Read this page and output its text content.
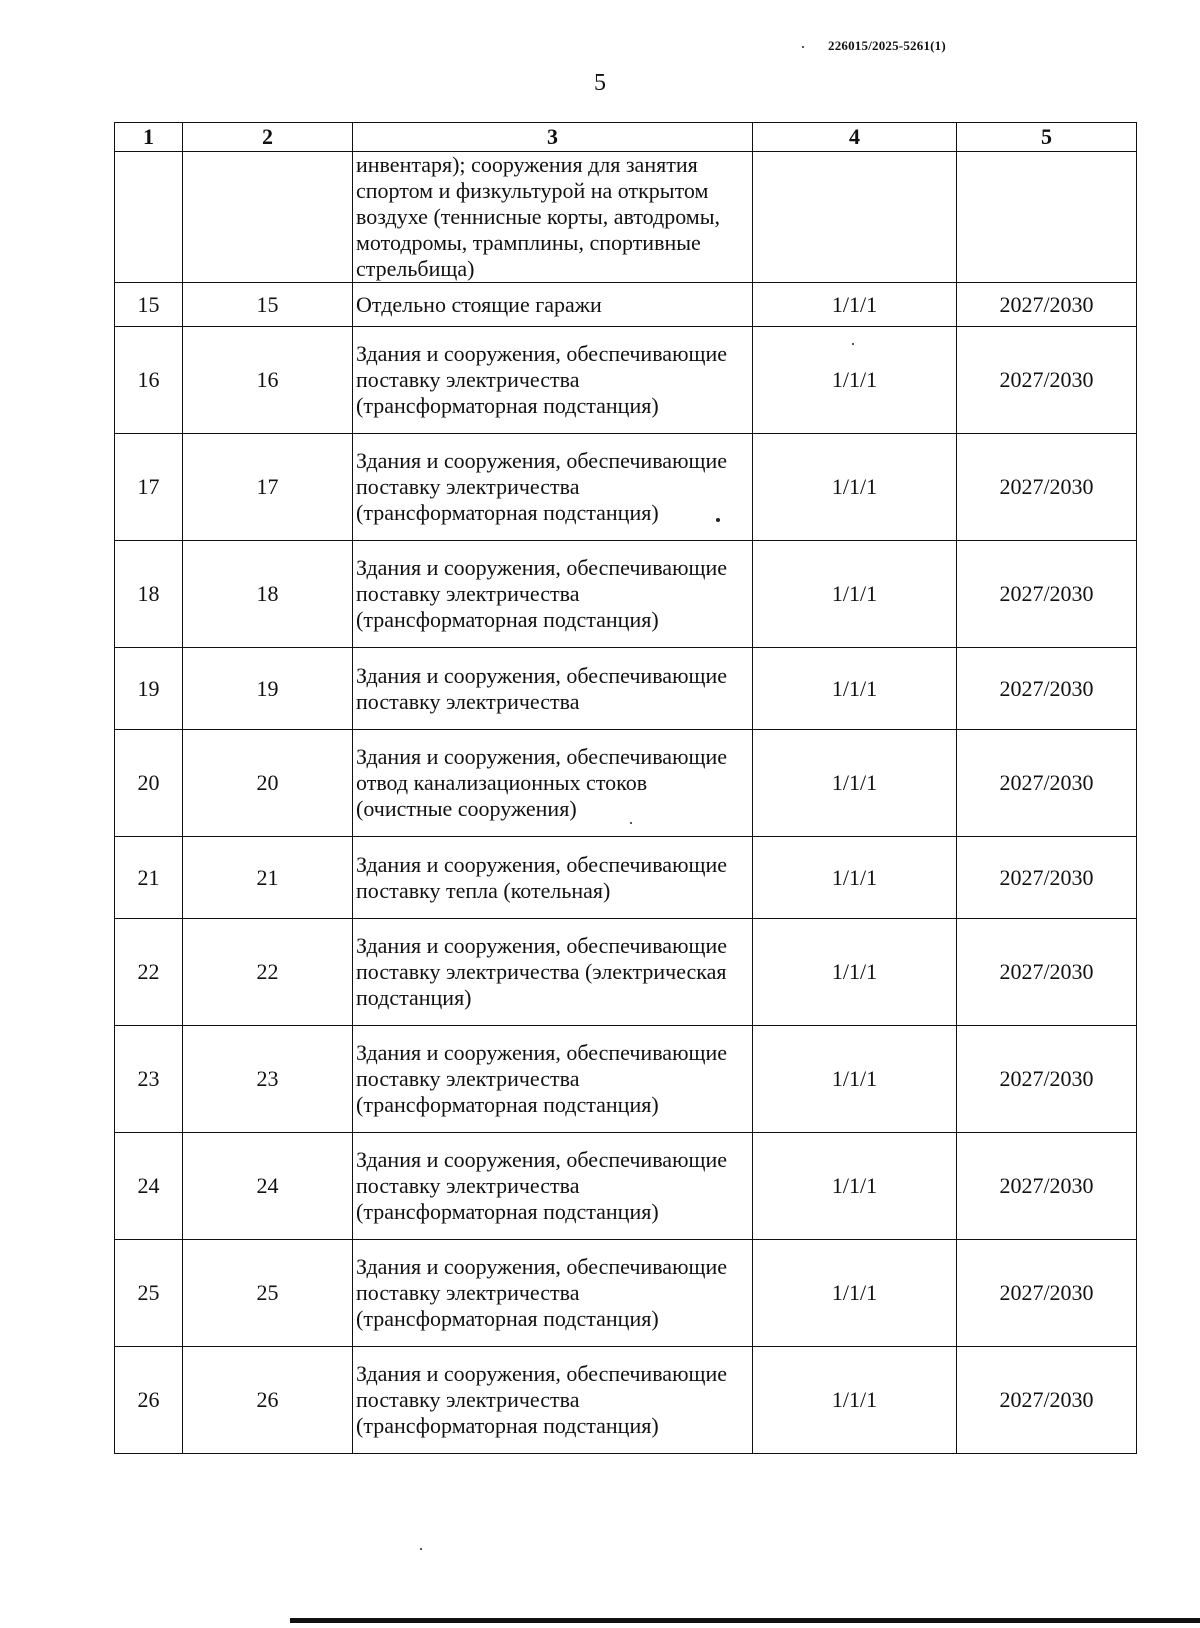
226015/2025-5261(1)
5
1	2	3	4	5
		инвентаря); сооружения для занятия спортом и физкультурой на открытом воздухе (теннисные корты, автодромы, мотодромы, трамплины, спортивные стрельбища)		
15	15	Отдельно стоящие гаражи	1/1/1	2027/2030
16	16	Здания и сооружения, обеспечивающие поставку электричества (трансформаторная подстанция)	1/1/1	2027/2030
17	17	Здания и сооружения, обеспечивающие поставку электричества (трансформаторная подстанция)	1/1/1	2027/2030
18	18	Здания и сооружения, обеспечивающие поставку электричества (трансформаторная подстанция)	1/1/1	2027/2030
19	19	Здания и сооружения, обеспечивающие поставку электричества	1/1/1	2027/2030
20	20	Здания и сооружения, обеспечивающие отвод канализационных стоков (очистные сооружения)	1/1/1	2027/2030
21	21	Здания и сооружения, обеспечивающие поставку тепла (котельная)	1/1/1	2027/2030
22	22	Здания и сооружения, обеспечивающие поставку электричества (электрическая подстанция)	1/1/1	2027/2030
23	23	Здания и сооружения, обеспечивающие поставку электричества (трансформаторная подстанция)	1/1/1	2027/2030
24	24	Здания и сооружения, обеспечивающие поставку электричества (трансформаторная подстанция)	1/1/1	2027/2030
25	25	Здания и сооружения, обеспечивающие поставку электричества (трансформаторная подстанция)	1/1/1	2027/2030
26	26	Здания и сооружения, обеспечивающие поставку электричества (трансформаторная подстанция)	1/1/1	2027/2030
